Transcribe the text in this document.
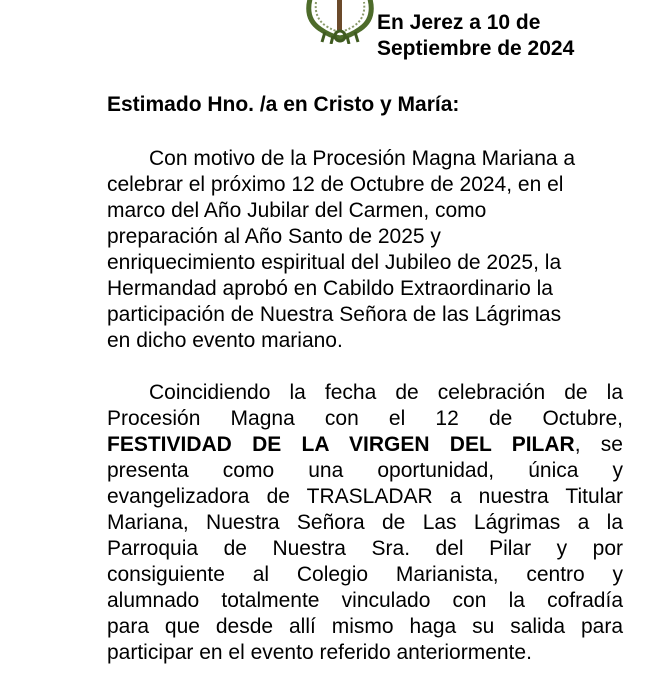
En Jerez a 10 de
Septiembre de 2024
Estimado Hno. /a en Cristo y María:
Con motivo de la Procesión Magna Mariana a
celebrar el próximo 12 de Octubre de 2024, en el
marco del Año Jubilar del Carmen, como
preparación al Año Santo de 2025 y
enriquecimiento espiritual del Jubileo de 2025, la
Hermandad aprobó en Cabildo Extraordinario la
participación de Nuestra Señora de las Lágrimas
en dicho evento mariano.
Coincidiendo la fecha de celebración de la
Procesión Magna con el 12 de Octubre,
FESTIVIDAD DE LA VIRGEN DEL PILAR, se
presenta como una oportunidad, única y
evangelizadora de TRASLADAR a nuestra Titular
Mariana, Nuestra Señora de Las Lágrimas a la
Parroquia de Nuestra Sra. del Pilar y por
consiguiente al Colegio Marianista, centro y
alumnado totalmente vinculado con la cofradía
para que desde allí mismo haga su salida para
participar en el evento referido anteriormente.
